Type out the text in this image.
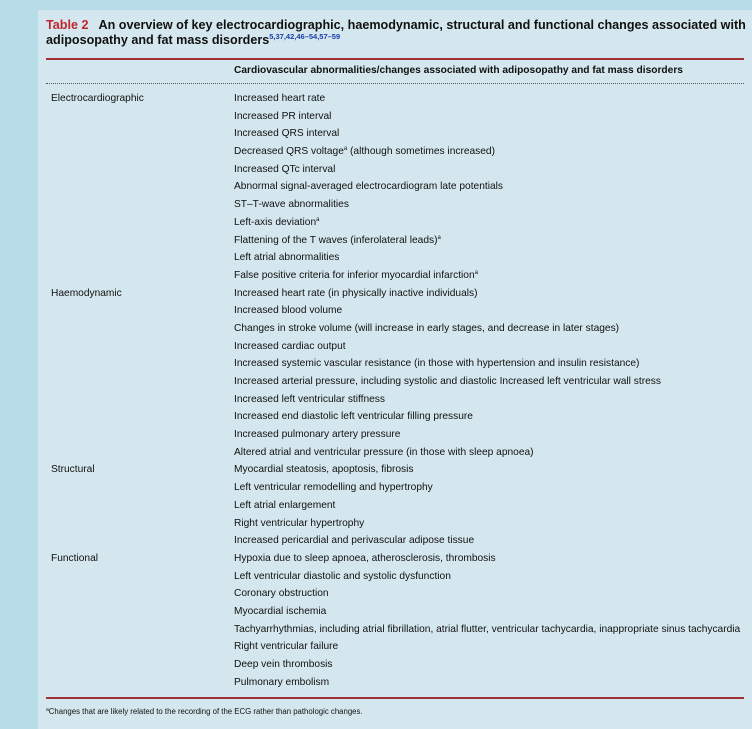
Table 2 An overview of key electrocardiographic, haemodynamic, structural and functional changes associated with adiposopathy and fat mass disorders$^{5,37,42,46-54,57-59}$
Cardiovascular abnormalities/changes associated with adiposopathy and fat mass disorders
Electrocardiographic	Increased heart rate
Increased PR interval
Increased QRS interval
Decreased QRS voltage$^a$ (although sometimes increased)
Increased QTc interval
Abnormal signal-averaged electrocardiogram late potentials
ST–T-wave abnormalities
Left-axis deviation$^a$
Flattening of the T waves (inferolateral leads)$^a$
Left atrial abnormalities
False positive criteria for inferior myocardial infarction$^a$
Haemodynamic	Increased heart rate (in physically inactive individuals)
Increased blood volume
Changes in stroke volume (will increase in early stages, and decrease in later stages)
Increased cardiac output
Increased systemic vascular resistance (in those with hypertension and insulin resistance)
Increased arterial pressure, including systolic and diastolic Increased left ventricular wall stress
Increased left ventricular stiffness
Increased end diastolic left ventricular filling pressure
Increased pulmonary artery pressure
Altered atrial and ventricular pressure (in those with sleep apnoea)
Structural	Myocardial steatosis, apoptosis, fibrosis
Left ventricular remodelling and hypertrophy
Left atrial enlargement
Right ventricular hypertrophy
Increased pericardial and perivascular adipose tissue
Functional	Hypoxia due to sleep apnoea, atherosclerosis, thrombosis
Left ventricular diastolic and systolic dysfunction
Coronary obstruction
Myocardial ischemia
Tachyarrhythmias, including atrial fibrillation, atrial flutter, ventricular tachycardia, inappropriate sinus tachycardia
Right ventricular failure
Deep vein thrombosis
Pulmonary embolism
$^a$Changes that are likely related to the recording of the ECG rather than pathologic changes.
